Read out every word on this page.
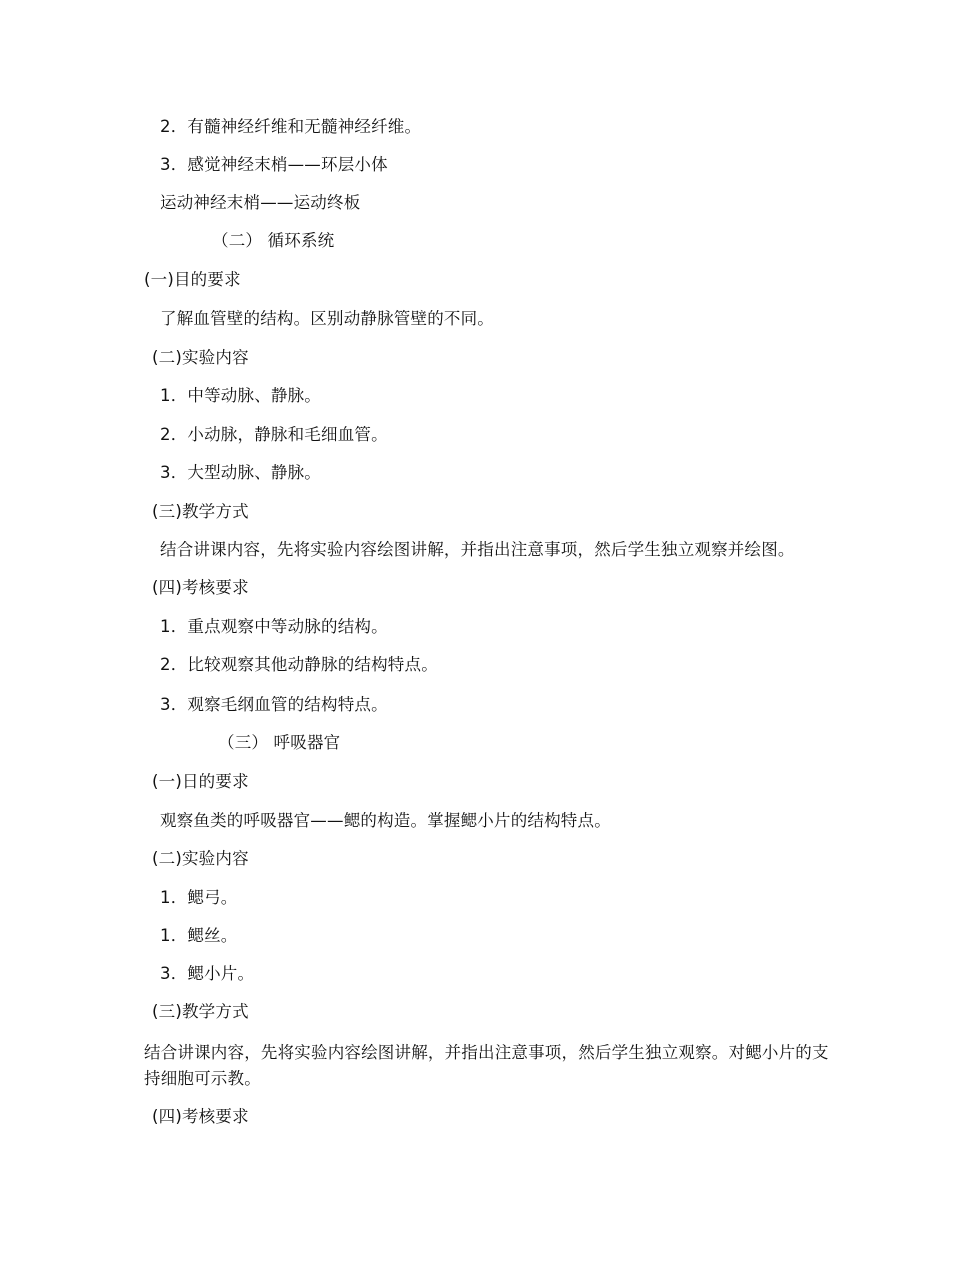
2．有髓神经纤维和无髓神经纤维。
3．感觉神经末梢——环层小体
运动神经末梢——运动终板
（二） 循环系统
(一)目的要求
了解血管壁的结构。区别动静脉管壁的不同。
(二)实验内容
1．中等动脉、静脉。
2．小动脉，静脉和毛细血管。
3．大型动脉、静脉。
(三)教学方式
结合讲课内容，先将实验内容绘图讲解，并指出注意事项，然后学生独立观察并绘图。
(四)考核要求
1．重点观察中等动脉的结构。
2．比较观察其他动静脉的结构特点。
3．观察毛纲血管的结构特点。
（三） 呼吸器官
(一)日的要求
观察鱼类的呼吸器官——鳃的构造。掌握鳃小片的结构特点。
(二)实验内容
1．鳃弓。
1．鳃丝。
3．鳃小片。
(三)教学方式
结合讲课内容，先将实验内容绘图讲解，并指出注意事项，然后学生独立观察。对鳃小片的支持细胞可示教。
(四)考核要求
